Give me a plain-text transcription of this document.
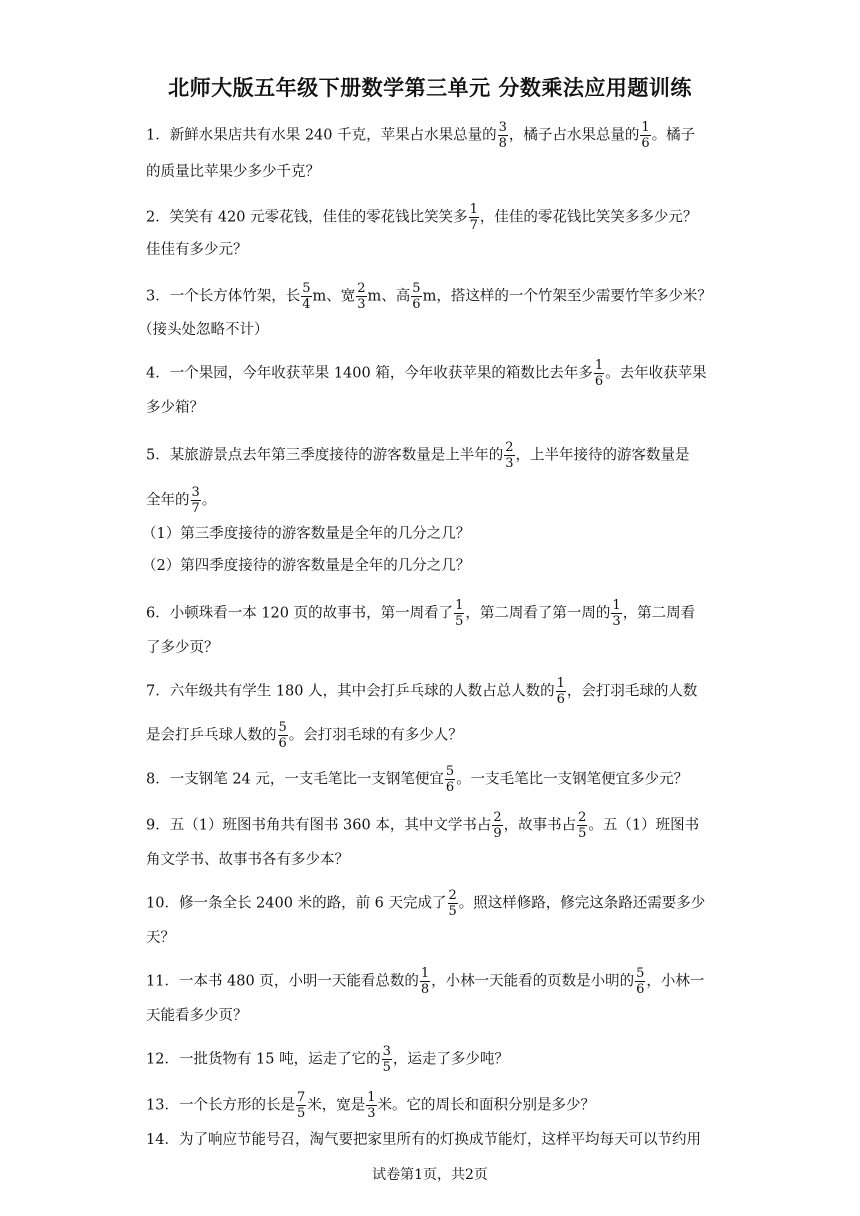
北师大版五年级下册数学第三单元 分数乘法应用题训练
1．新鲜水果店共有水果 240 千克，苹果占水果总量的 $\frac{3}{8}$ ，橘子占水果总量的 $\frac{1}{6}$ 。橘子
的质量比苹果少多少千克？
2．笑笑有 420 元零花钱，佳佳的零花钱比笑笑多 $\frac{1}{7}$ ，佳佳的零花钱比笑笑多多少元？
佳佳有多少元？
3．一个长方体竹架，长 $\frac{5}{4}$ m、宽 $\frac{2}{3}$ m、高 $\frac{5}{6}$ m，搭这样的一个竹架至少需要竹竿多少米？
（接头处忽略不计）
4．一个果园，今年收获苹果 1400 箱，今年收获苹果的箱数比去年多 $\frac{1}{6}$ 。去年收获苹果
多少箱？
5．某旅游景点去年第三季度接待的游客数量是上半年的 $\frac{2}{3}$ ，上半年接待的游客数量是
全年的 $\frac{3}{7}$ 。
（1）第三季度接待的游客数量是全年的几分之几？
（2）第四季度接待的游客数量是全年的几分之几？
6．小顿珠看一本 120 页的故事书，第一周看了 $\frac{1}{5}$ ，第二周看了第一周的 $\frac{1}{3}$ ，第二周看
了多少页？
7．六年级共有学生 180 人，其中会打乒乓球的人数占总人数的 $\frac{1}{6}$ ，会打羽毛球的人数
是会打乒乓球人数的 $\frac{5}{6}$ 。会打羽毛球的有多少人？
8．一支钢笔 24 元，一支毛笔比一支钢笔便宜 $\frac{5}{6}$ 。一支毛笔比一支钢笔便宜多少元？
9．五（1）班图书角共有图书 360 本，其中文学书占 $\frac{2}{9}$ ，故事书占 $\frac{2}{5}$ 。五（1）班图书
角文学书、故事书各有多少本？
10．修一条全长 2400 米的路，前 6 天完成了 $\frac{2}{5}$ 。照这样修路，修完这条路还需要多少
天？
11．一本书 480 页，小明一天能看总数的 $\frac{1}{8}$ ，小林一天能看的页数是小明的 $\frac{5}{6}$ ，小林一
天能看多少页？
12．一批货物有 15 吨，运走了它的 $\frac{3}{5}$ ，运走了多少吨？
13．一个长方形的长是 $\frac{7}{5}$ 米，宽是 $\frac{1}{3}$ 米。它的周长和面积分别是多少？
14．为了响应节能号召，淘气要把家里所有的灯换成节能灯，这样平均每天可以节约用
试卷第1页，共2页
